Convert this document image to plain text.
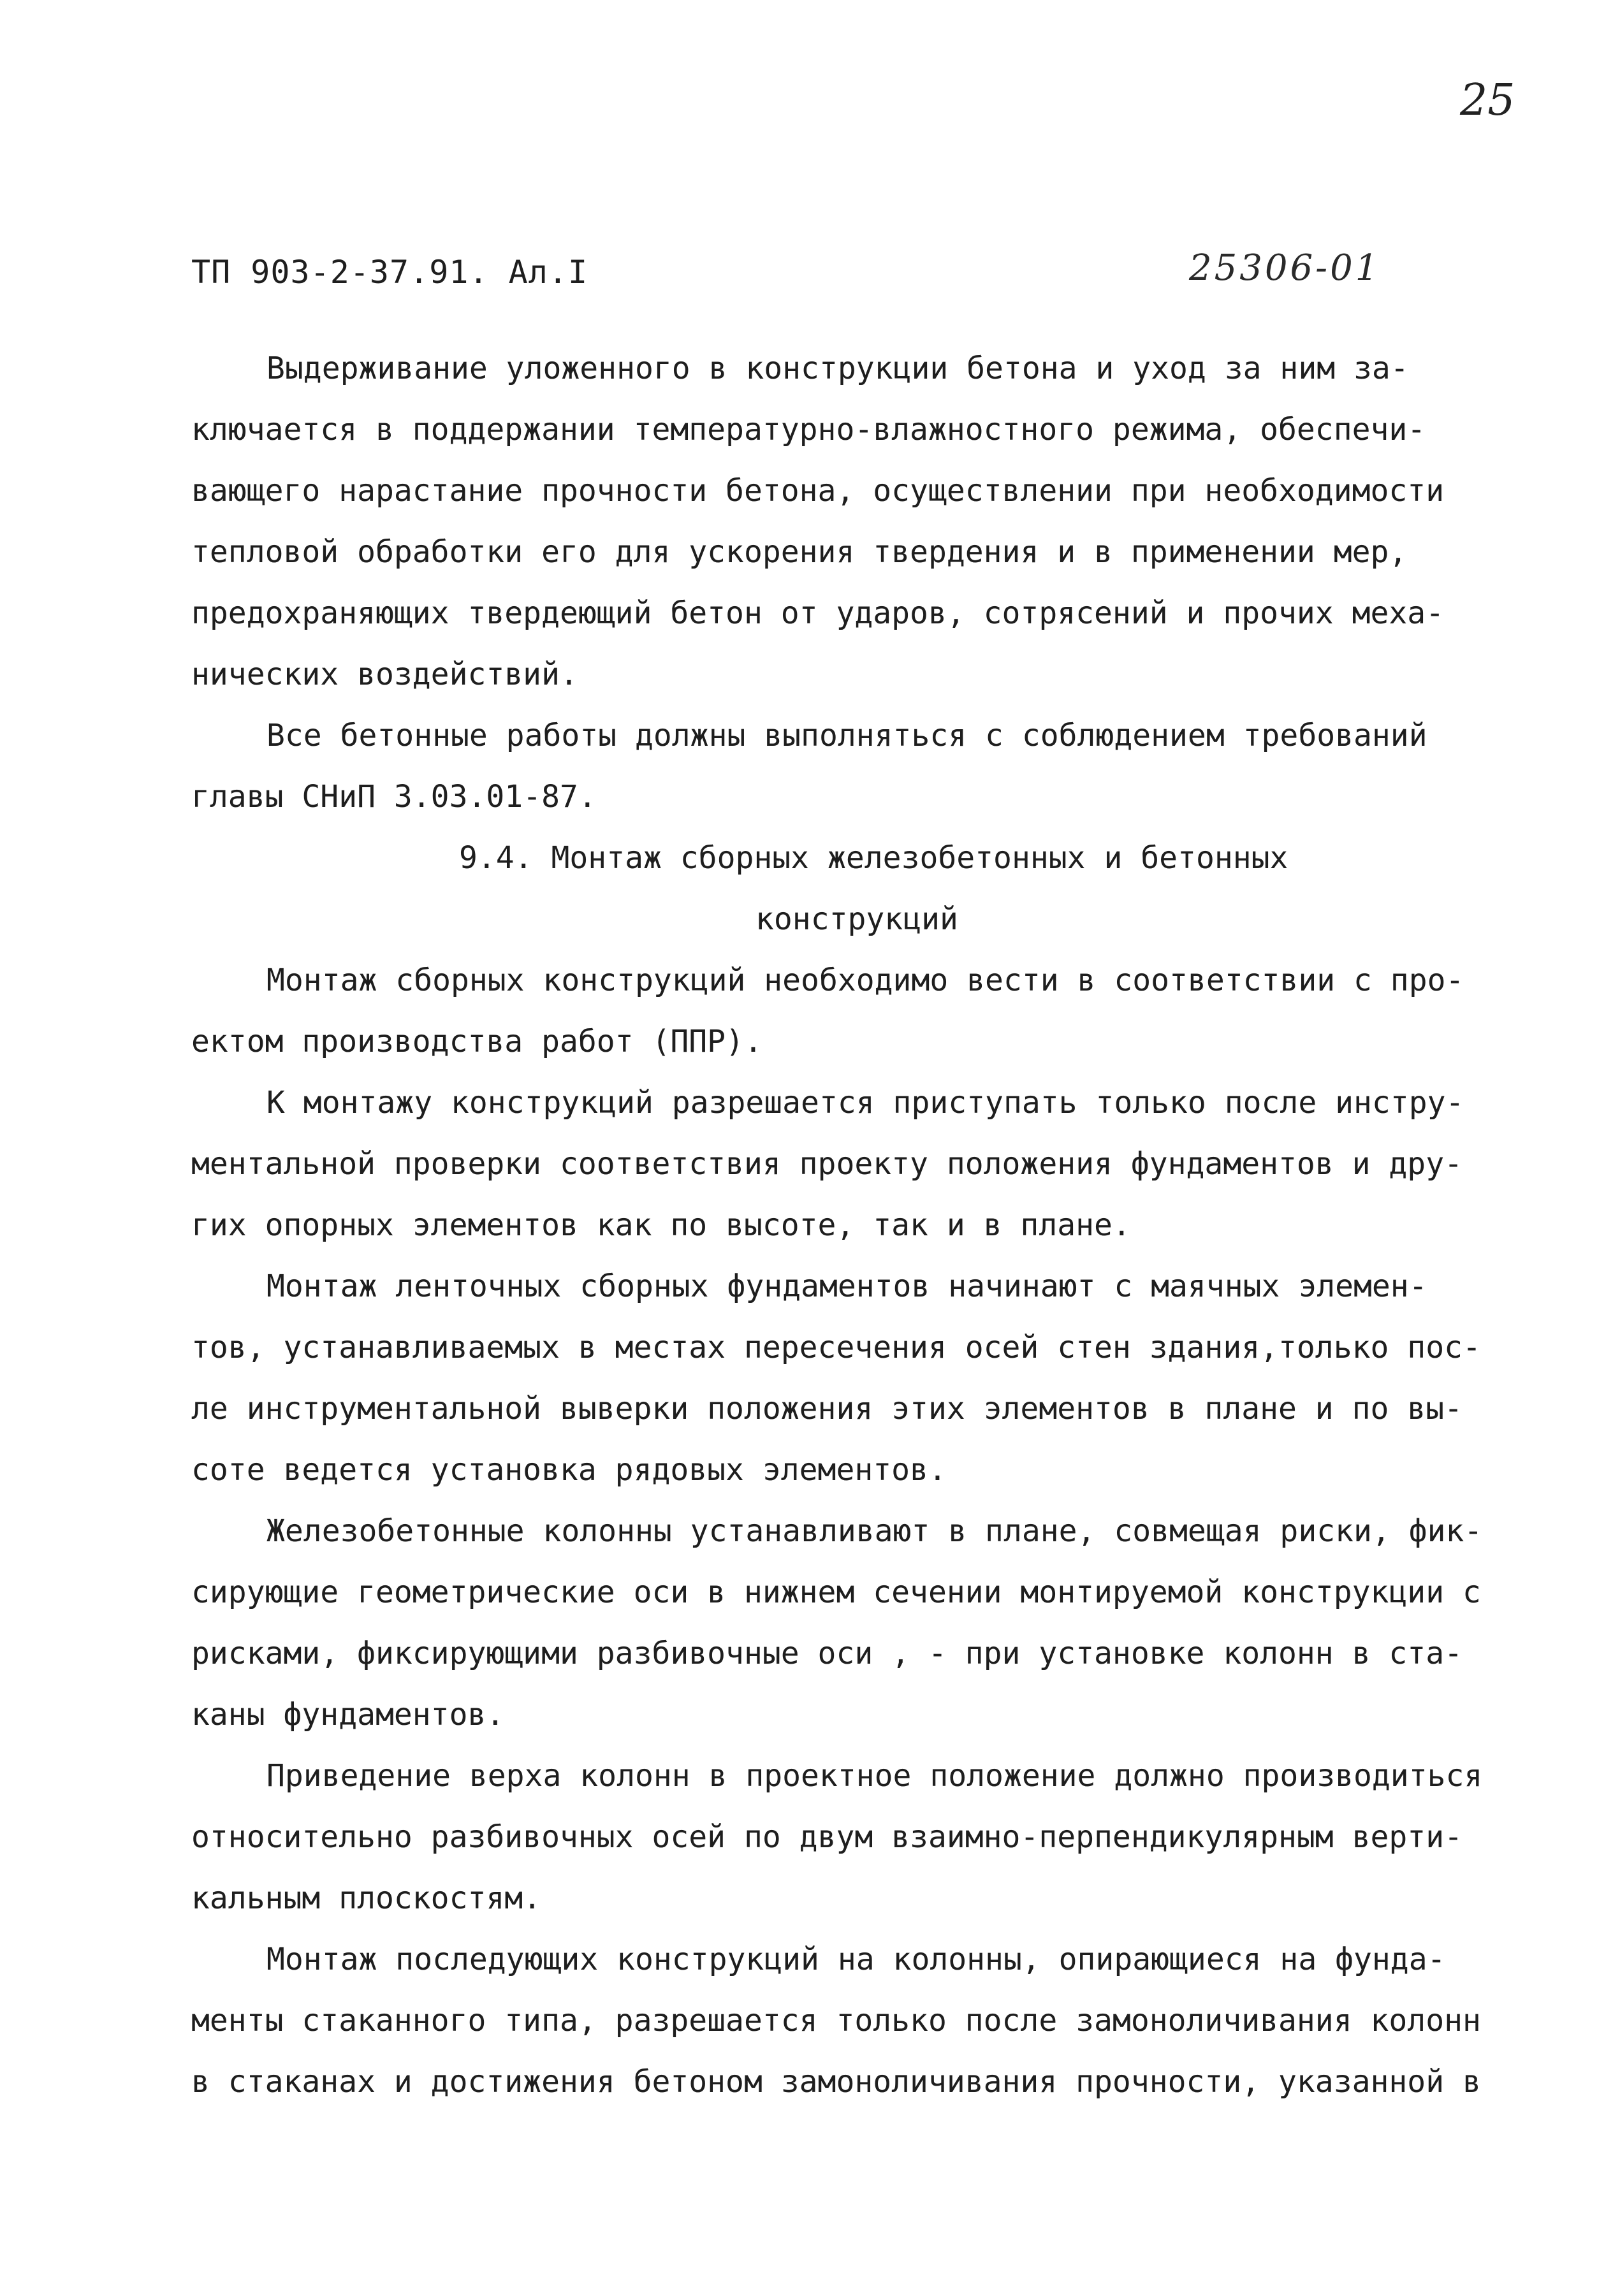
25
ТП 903-2-37.91. Ал.I	25306-01
Выдерживание уложенного в конструкции бетона и уход за ним за-
ключается в поддержании температурно-влажностного режима, обеспечи-
вающего нарастание прочности бетона, осуществлении при необходимости
тепловой обработки его для ускорения твердения и в применении мер,
предохраняющих твердеющий бетон от ударов, сотрясений и прочих меха-
нических воздействий.
Все бетонные работы должны выполняться с соблюдением требований
главы СНиП 3.03.01-87.
9.4. Монтаж сборных железобетонных и бетонных
конструкций
Монтаж сборных конструкций необходимо вести в соответствии с про-
ектом производства работ (ППР).
К монтажу конструкций разрешается приступать только после инстру-
ментальной проверки соответствия проекту положения фундаментов и дру-
гих опорных элементов как по высоте, так и в плане.
Монтаж ленточных сборных фундаментов начинают с маячных элемен-
тов, устанавливаемых в местах пересечения осей стен здания,только пос-
ле инструментальной выверки положения этих элементов в плане и по вы-
соте ведется установка рядовых элементов.
Железобетонные колонны устанавливают в плане, совмещая риски, фик-
сирующие геометрические оси в нижнем сечении монтируемой конструкции с
рисками, фиксирующими разбивочные оси , - при установке колонн в ста-
каны фундаментов.
Приведение верха колонн в проектное положение должно производиться
относительно разбивочных осей по двум взаимно-перпендикулярным верти-
кальным плоскостям.
Монтаж последующих конструкций на колонны, опирающиеся на фунда-
менты стаканного типа, разрешается только после замоноличивания колонн
в стаканах и достижения бетоном замоноличивания прочности, указанной в
